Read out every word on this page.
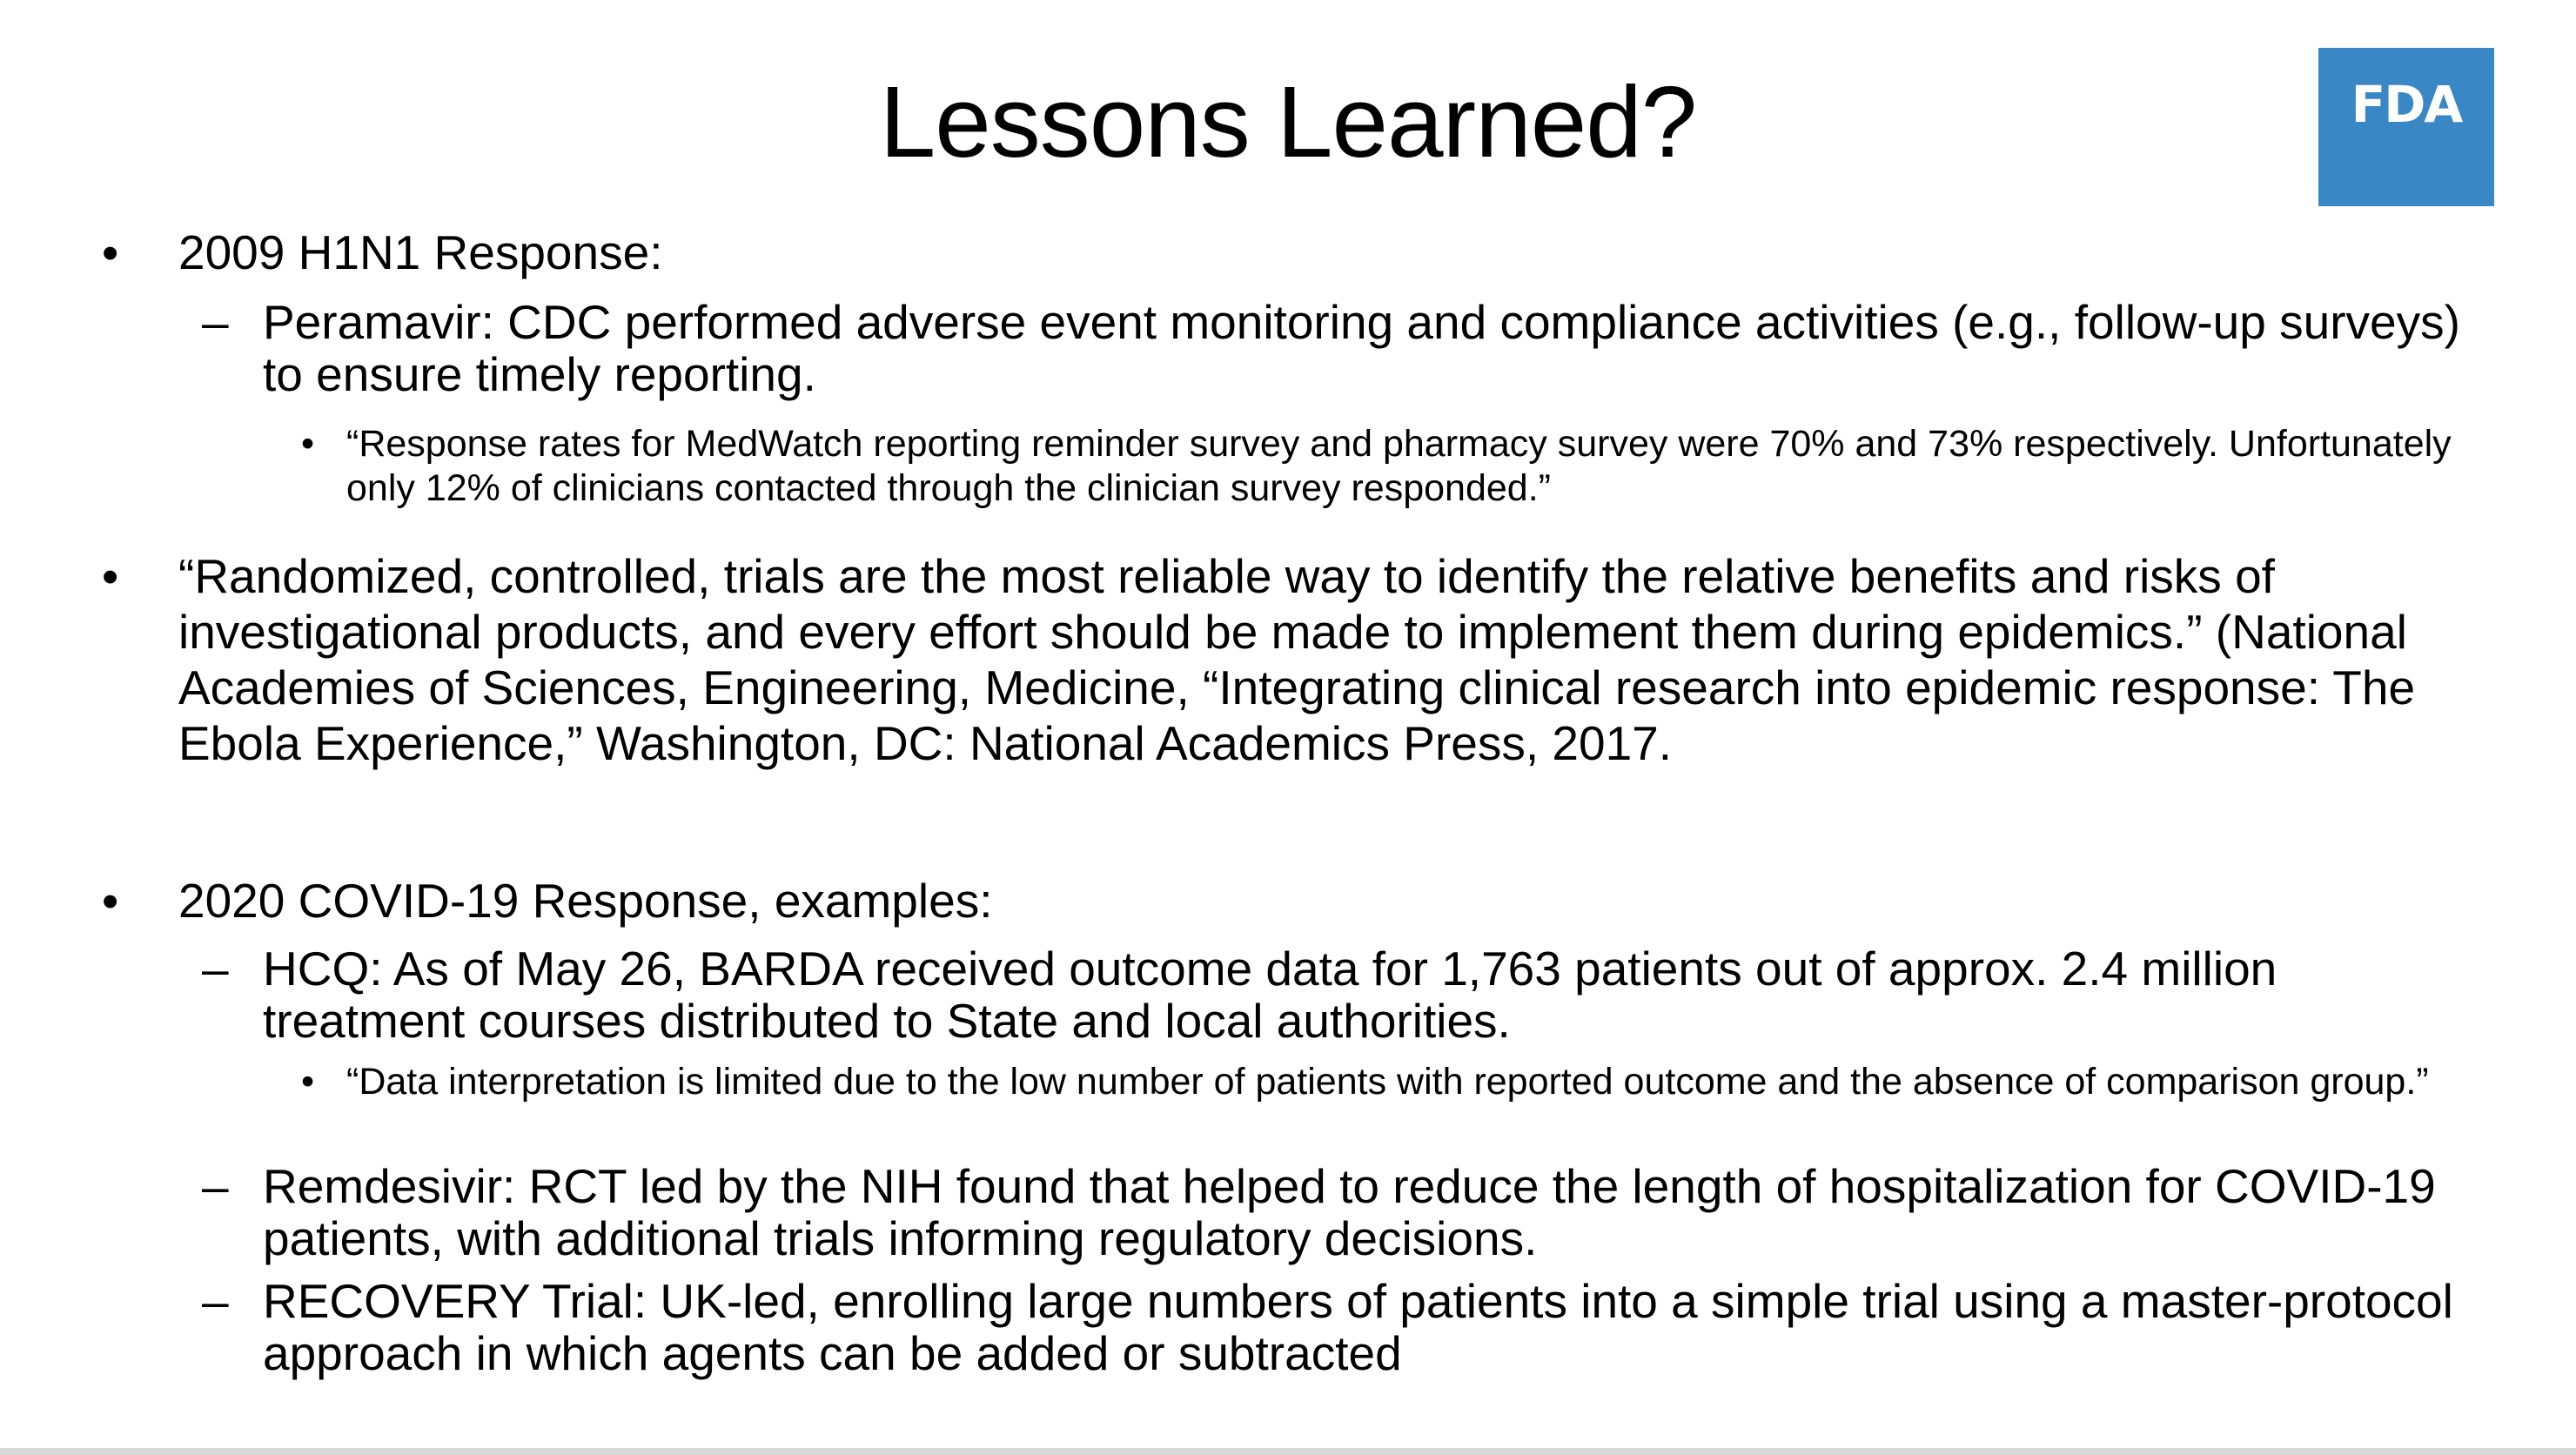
Lessons Learned?	FDA
• 2009 H1N1 Response:
– Peramavir: CDC performed adverse event monitoring and compliance activities (e.g., follow-up surveys) to ensure timely reporting.
• “Response rates for MedWatch reporting reminder survey and pharmacy survey were 70% and 73% respectively. Unfortunately only 12% of clinicians contacted through the clinician survey responded.”
• “Randomized, controlled, trials are the most reliable way to identify the relative benefits and risks of investigational products, and every effort should be made to implement them during epidemics.” (National Academies of Sciences, Engineering, Medicine, “Integrating clinical research into epidemic response: The Ebola Experience,” Washington, DC: National Academics Press, 2017.
• 2020 COVID-19 Response, examples:
– HCQ: As of May 26, BARDA received outcome data for 1,763 patients out of approx. 2.4 million treatment courses distributed to State and local authorities.
• “Data interpretation is limited due to the low number of patients with reported outcome and the absence of comparison group.”
– Remdesivir: RCT led by the NIH found that helped to reduce the length of hospitalization for COVID-19 patients, with additional trials informing regulatory decisions.
– RECOVERY Trial: UK-led, enrolling large numbers of patients into a simple trial using a master-protocol approach in which agents can be added or subtracted
